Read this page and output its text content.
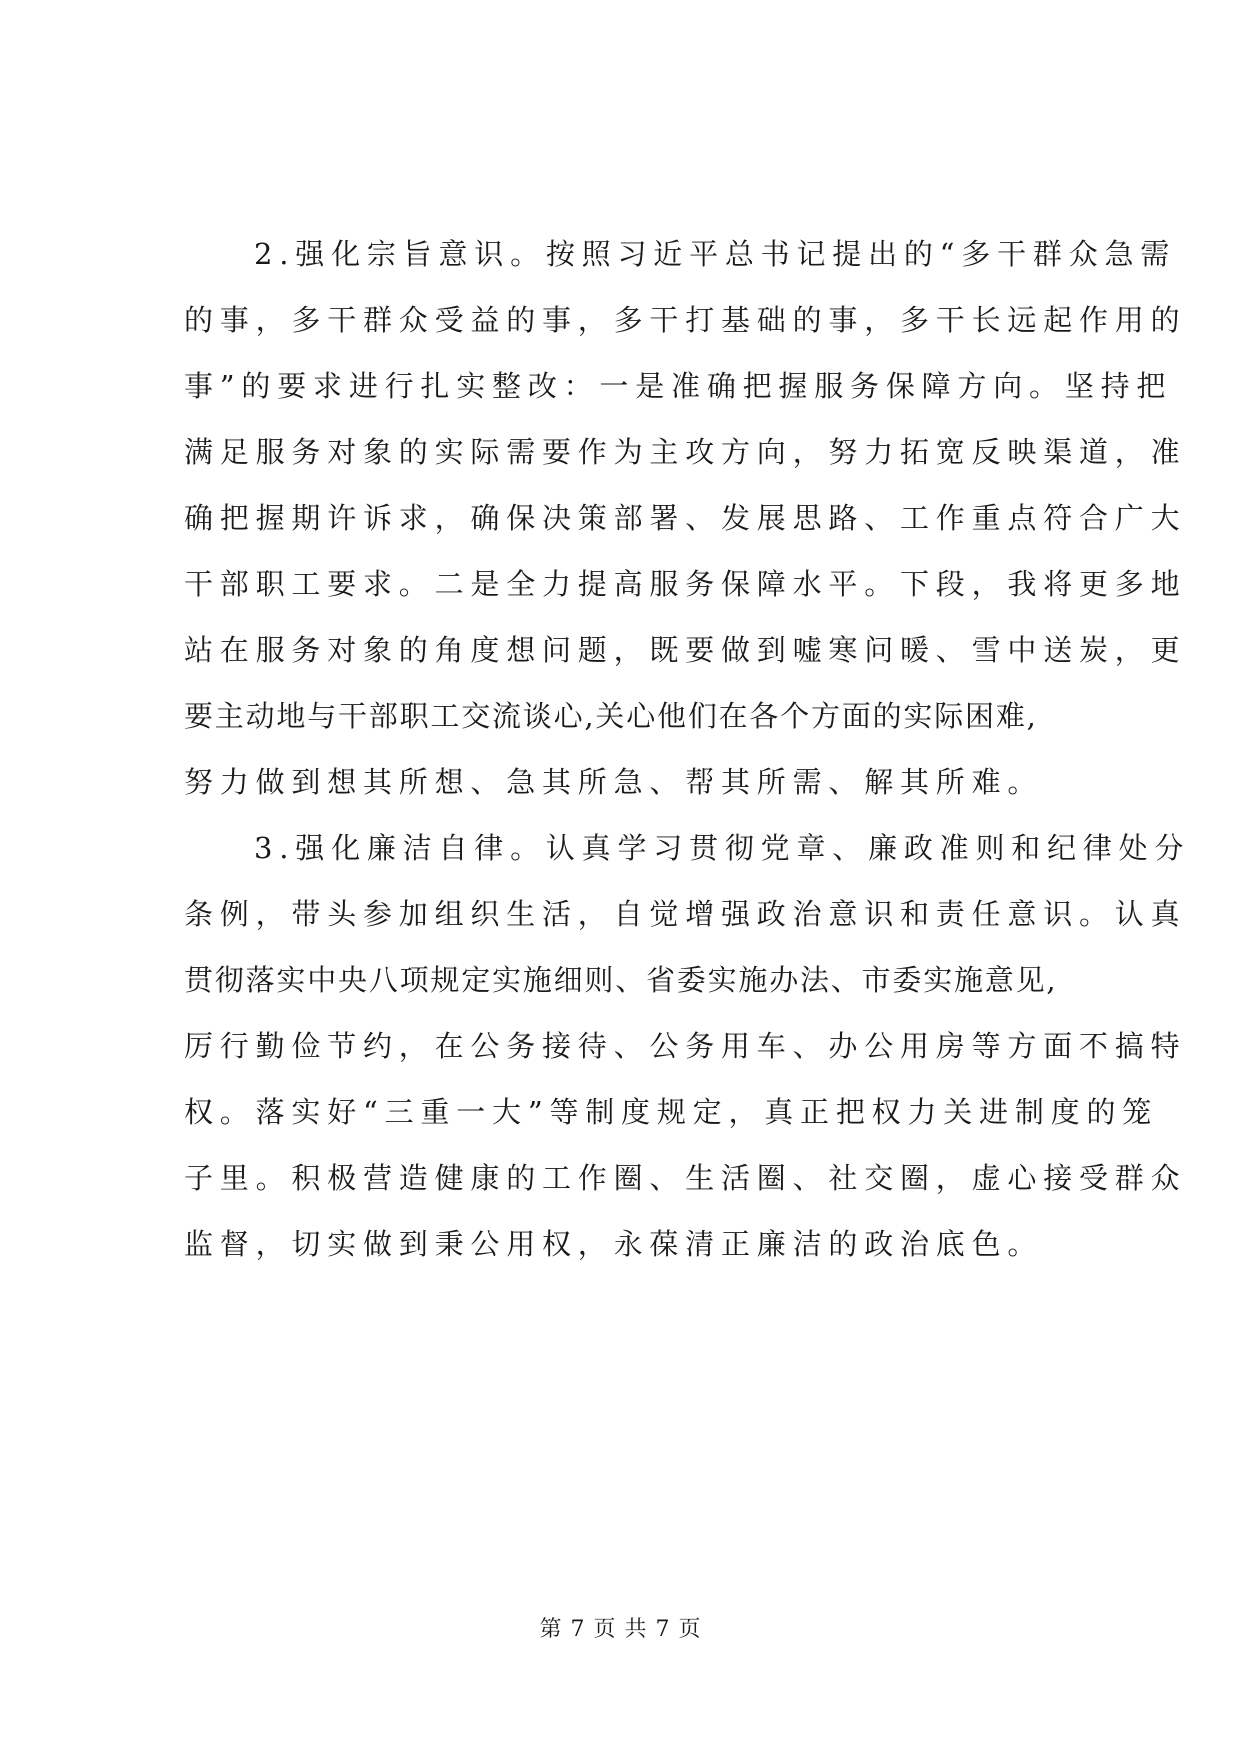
2.强化宗旨意识。按照习近平总书记提出的“多干群众急需
的事，多干群众受益的事，多干打基础的事，多干长远起作用的
事”的要求进行扎实整改：一是准确把握服务保障方向。坚持把
满足服务对象的实际需要作为主攻方向，努力拓宽反映渠道，准
确把握期许诉求，确保决策部署、发展思路、工作重点符合广大
干部职工要求。二是全力提高服务保障水平。下段，我将更多地
站在服务对象的角度想问题，既要做到嘘寒问暖、雪中送炭，更
要主动地与干部职工交流谈心,关心他们在各个方面的实际困难,
努力做到想其所想、急其所急、帮其所需、解其所难。
3.强化廉洁自律。认真学习贯彻党章、廉政准则和纪律处分
条例，带头参加组织生活，自觉增强政治意识和责任意识。认真
贯彻落实中央八项规定实施细则、省委实施办法、市委实施意见,
厉行勤俭节约，在公务接待、公务用车、办公用房等方面不搞特
权。落实好“三重一大”等制度规定，真正把权力关进制度的笼
子里。积极营造健康的工作圈、生活圈、社交圈，虚心接受群众
监督，切实做到秉公用权，永葆清正廉洁的政治底色。
第 7 页 共 7 页
